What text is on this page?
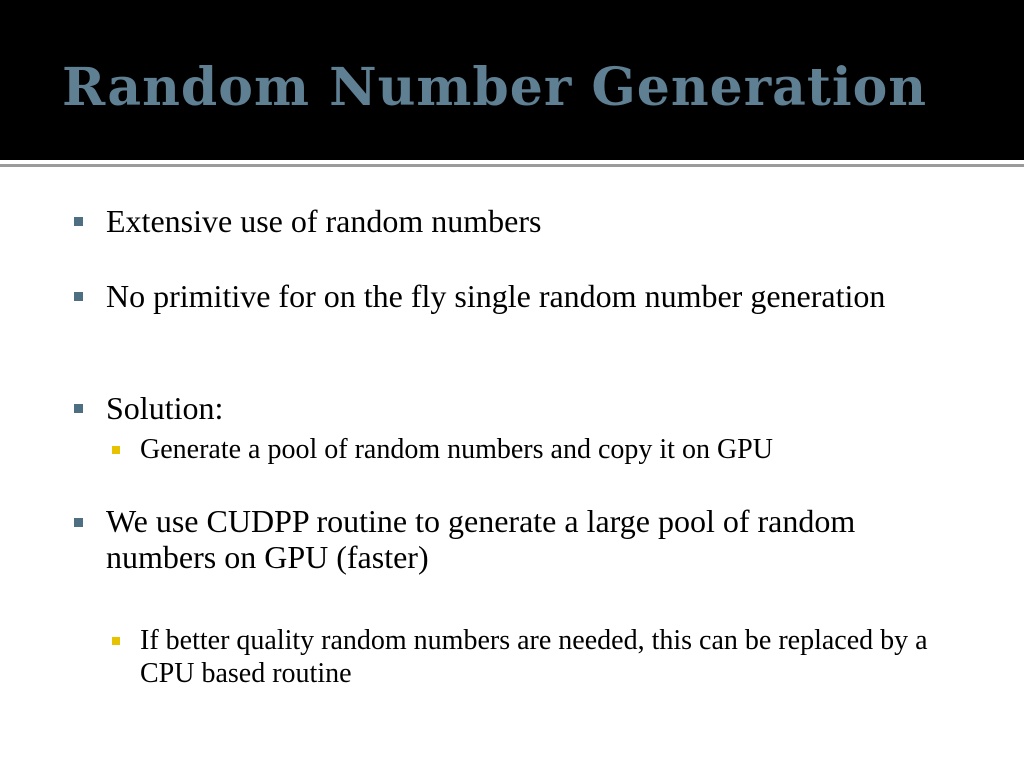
Random Number Generation
Extensive use of random numbers
No primitive for on the fly single random number generation
Solution:
Generate a pool of random numbers and copy it on GPU
We use CUDPP routine to generate a large pool of random numbers on GPU (faster)
If better quality random numbers are needed, this can be replaced by a CPU based routine
